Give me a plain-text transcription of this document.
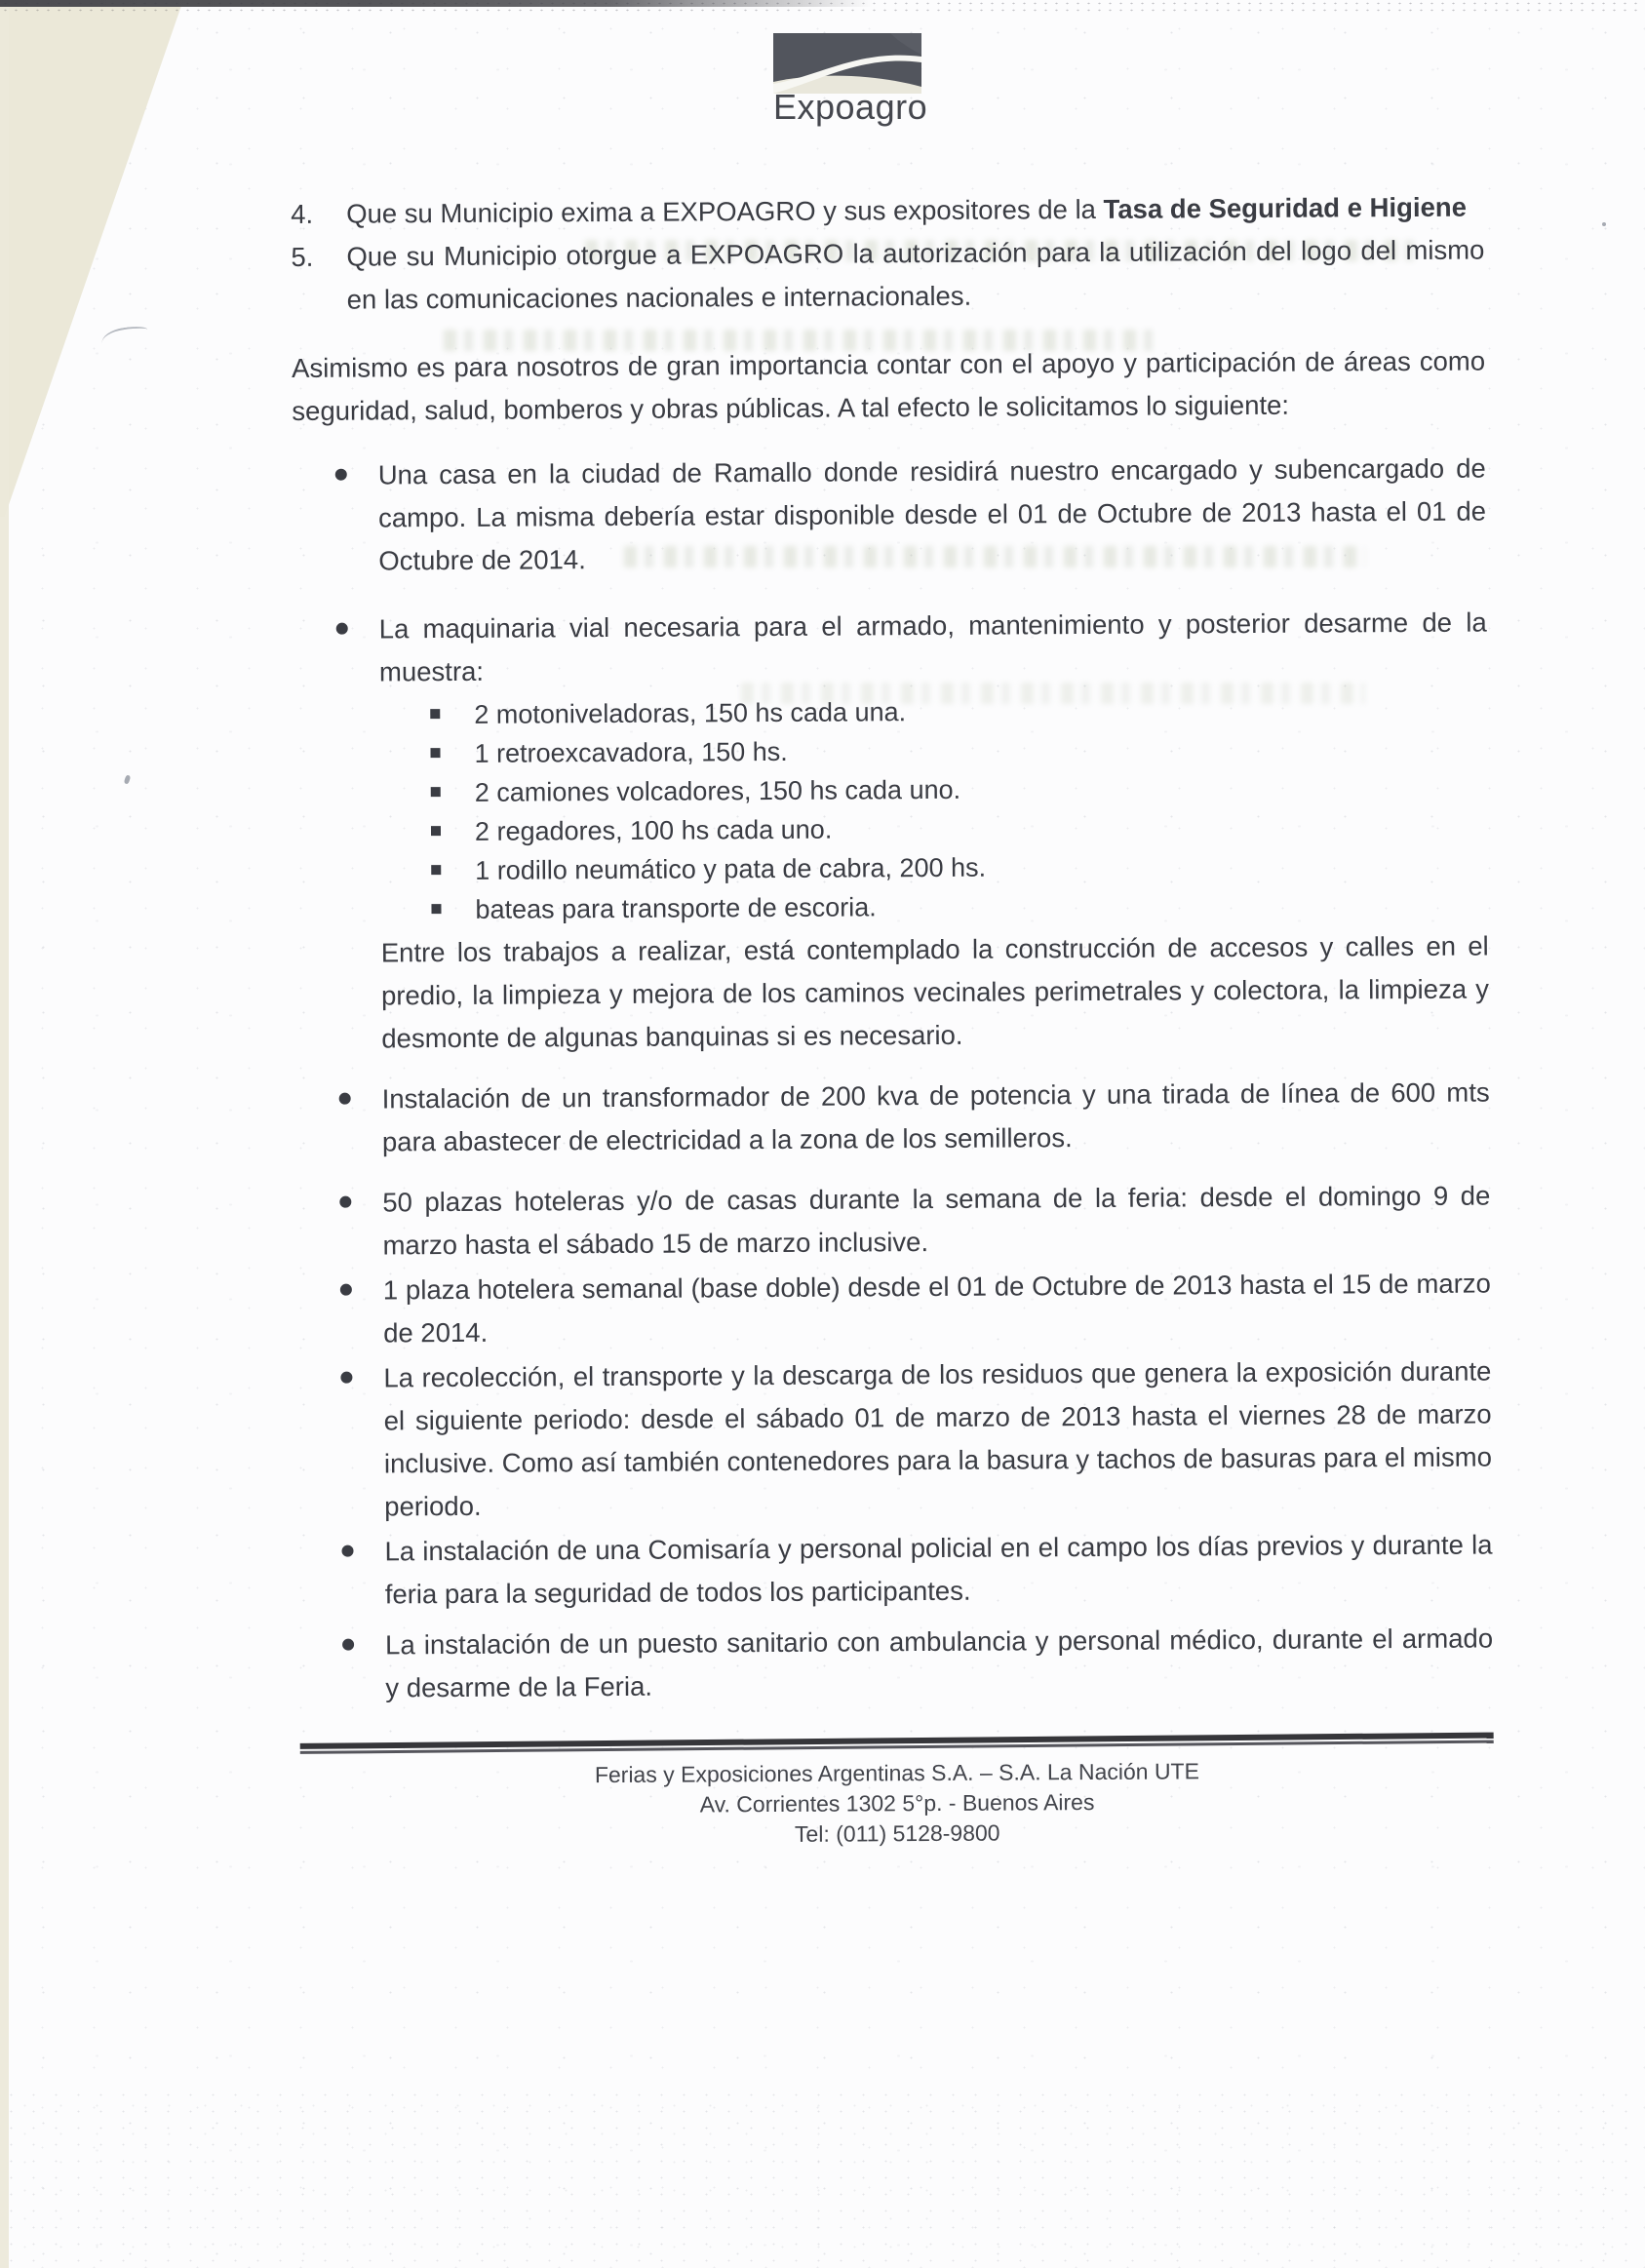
Expoagro
4. Que su Municipio exima a EXPOAGRO y sus expositores de la Tasa de Seguridad e Higiene
5. Que su Municipio otorgue a EXPOAGRO la autorización para la utilización del logo del mismo en las comunicaciones nacionales e internacionales.

Asimismo es para nosotros de gran importancia contar con el apoyo y participación de áreas como seguridad, salud, bomberos y obras públicas. A tal efecto le solicitamos lo siguiente:

Una casa en la ciudad de Ramallo donde residirá nuestro encargado y subencargado de campo. La misma debería estar disponible desde el 01 de Octubre de 2013 hasta el 01 de Octubre de 2014.
La maquinaria vial necesaria para el armado, mantenimiento y posterior desarme de la muestra:
2 motoniveladoras, 150 hs cada una.
1 retroexcavadora, 150 hs.
2 camiones volcadores, 150 hs cada uno.
2 regadores, 100 hs cada uno.
1 rodillo neumático y pata de cabra, 200 hs.
bateas para transporte de escoria.

Entre los trabajos a realizar, está contemplado la construcción de accesos y calles en el predio, la limpieza y mejora de los caminos vecinales perimetrales y colectora, la limpieza y desmonte de algunas banquinas si es necesario.

Instalación de un transformador de 200 kva de potencia y una tirada de línea de 600 mts para abastecer de electricidad a la zona de los semilleros.
50 plazas hoteleras y/o de casas durante la semana de la feria: desde el domingo 9 de marzo hasta el sábado 15 de marzo inclusive.
1 plaza hotelera semanal (base doble) desde el 01 de Octubre de 2013 hasta el 15 de marzo de 2014.
La recolección, el transporte y la descarga de los residuos que genera la exposición durante el siguiente periodo: desde el sábado 01 de marzo de 2013 hasta el viernes 28 de marzo inclusive. Como así también contenedores para la basura y tachos de basuras para el mismo periodo.
La instalación de una Comisaría y personal policial en el campo los días previos y durante la feria para la seguridad de todos los participantes.
La instalación de un puesto sanitario con ambulancia y personal médico, durante el armado y desarme de la Feria.
Ferias y Exposiciones Argentinas S.A. – S.A. La Nación UTE
Av. Corrientes 1302 5°p. - Buenos Aires
Tel: (011) 5128-9800
